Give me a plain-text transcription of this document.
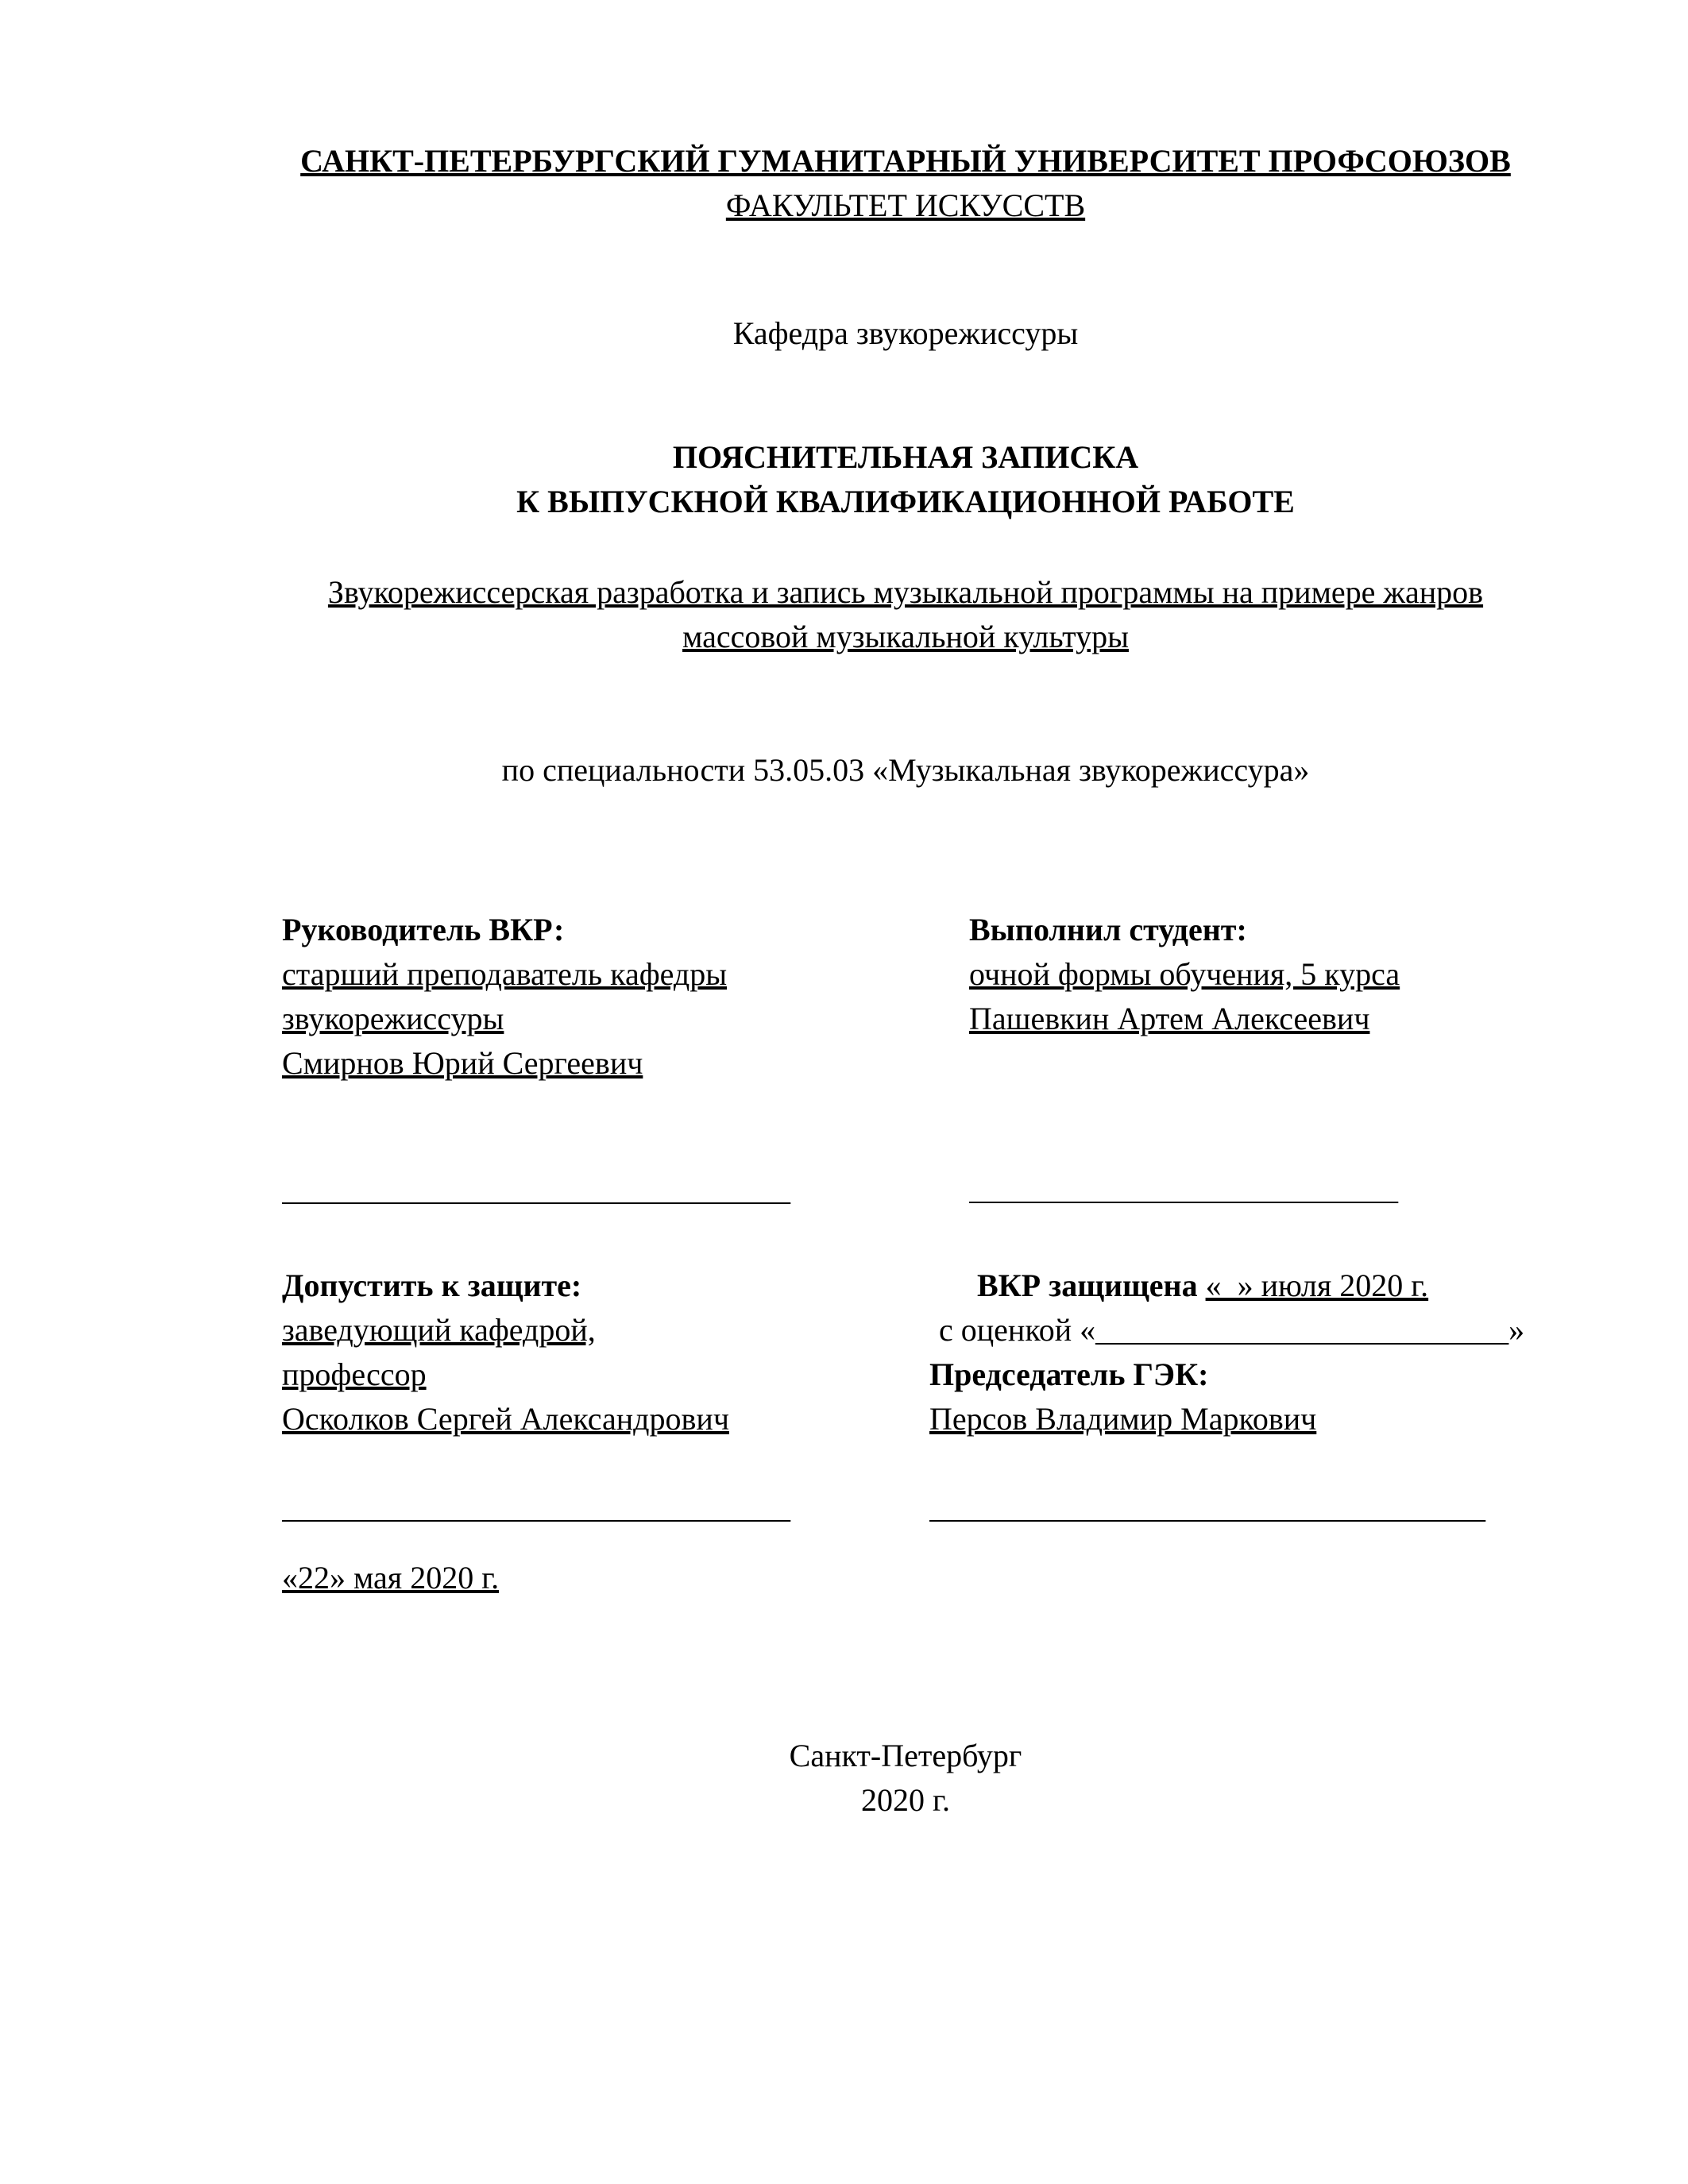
САНКТ-ПЕТЕРБУРГСКИЙ ГУМАНИТАРНЫЙ УНИВЕРСИТЕТ ПРОФСОЮЗОВ
ФАКУЛЬТЕТ ИСКУССТВ
Кафедра звукорежиссуры
ПОЯСНИТЕЛЬНАЯ ЗАПИСКА
К ВЫПУСКНОЙ КВАЛИФИКАЦИОННОЙ РАБОТЕ
Звукорежиссерская разработка и запись музыкальной программы на примере жанров массовой музыкальной культуры
по специальности 53.05.03 «Музыкальная звукорежиссура»
Руководитель ВКР:
старший преподаватель кафедры
звукорежиссуры
Смирнов Юрий Сергеевич
________________________________
Выполнил студент:
очной формы обучения, 5 курса
Пашевкин Артем Алексеевич
___________________________
Допустить к защите:
заведующий кафедрой,
профессор
Осколков Сергей Александрович
________________________________
«22» мая 2020 г.
ВКР защищена «_» июля 2020 г.
с оценкой «__________________________»
Председатель ГЭК:
Персов Владимир Маркович
___________________________________
Санкт-Петербург
2020 г.
